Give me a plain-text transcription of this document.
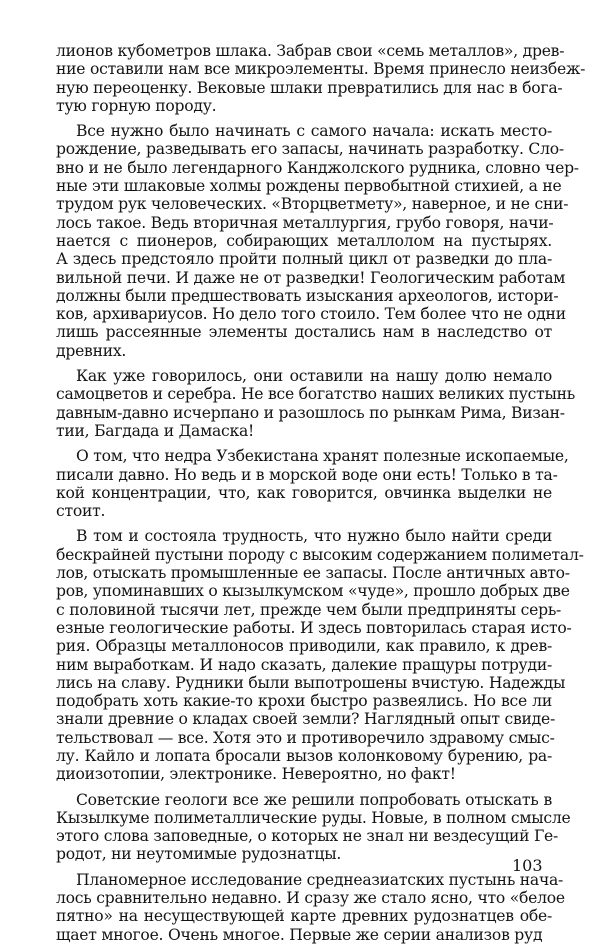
лионов кубометров шлака. Забрав свои «семь металлов», древ-
ние оставили нам все микроэлементы. Время принесло неизбеж-
ную переоценку. Вековые шлаки превратились для нас в бога-
тую горную породу.
Все нужно было начинать с самого начала: искать место-
рождение, разведывать его запасы, начинать разработку. Сло-
вно и не было легендарного Канджолского рудника, словно чер-
ные эти шлаковые холмы рождены первобытной стихией, а не
трудом рук человеческих. «Вторцветмету», наверное, и не сни-
лось такое. Ведь вторичная металлургия, грубо говоря, начи-
нается с пионеров, собирающих металлолом на пустырях.
А здесь предстояло пройти полный цикл от разведки до пла-
вильной печи. И даже не от разведки! Геологическим работам
должны были предшествовать изыскания археологов, истори-
ков, архивариусов. Но дело того стоило. Тем более что не одни
лишь рассеянные элементы достались нам в наследство от
древних.
Как уже говорилось, они оставили на нашу долю немало
самоцветов и серебра. Не все богатство наших великих пустынь
давным-давно исчерпано и разошлось по рынкам Рима, Визан-
тии, Багдада и Дамаска!
О том, что недра Узбекистана хранят полезные ископаемые,
писали давно. Но ведь и в морской воде они есть! Только в та-
кой концентрации, что, как говорится, овчинка выделки не
стоит.
В том и состояла трудность, что нужно было найти среди
бескрайней пустыни породу с высоким содержанием полиметал-
лов, отыскать промышленные ее запасы. После античных авто-
ров, упоминавших о кызылкумском «чуде», прошло добрых две
с половиной тысячи лет, прежде чем были предприняты серь-
езные геологические работы. И здесь повторилась старая исто-
рия. Образцы металлоносов приводили, как правило, к древ-
ним выработкам. И надо сказать, далекие пращуры потруди-
лись на славу. Рудники были выпотрошены вчистую. Надежды
подобрать хоть какие-то крохи быстро развеялись. Но все ли
знали древние о кладах своей земли? Наглядный опыт свиде-
тельствовал — все. Хотя это и противоречило здравому смыс-
лу. Кайло и лопата бросали вызов колонковому бурению, ра-
диоизотопии, электронике. Невероятно, но факт!
Советские геологи все же решили попробовать отыскать в
Кызылкуме полиметаллические руды. Новые, в полном смысле
этого слова заповедные, о которых не знал ни вездесущий Ге-
родот, ни неутомимые рудознатцы.
Планомерное исследование среднеазиатских пустынь нача-
лось сравнительно недавно. И сразу же стало ясно, что «белое
пятно» на несуществующей карте древних рудознатцев обе-
щает многое. Очень многое. Первые же серии анализов руд
103
